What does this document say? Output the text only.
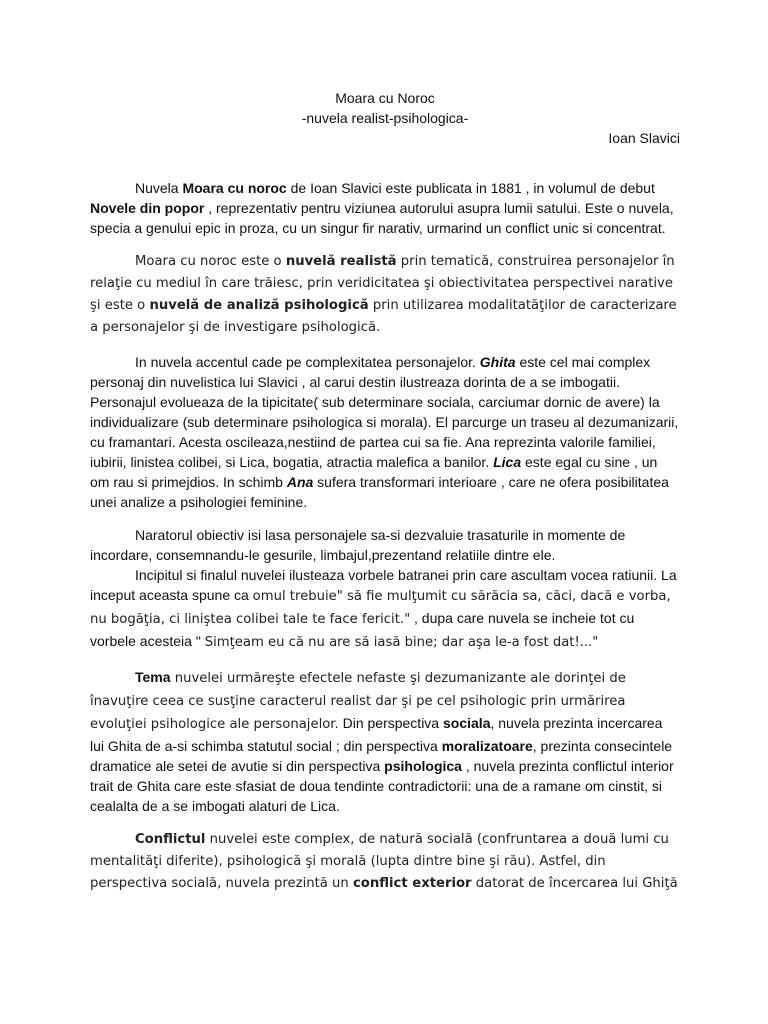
Moara cu Noroc

-nuvela realist-psihologica-

Ioan Slavici

Nuvela Moara cu noroc de Ioan Slavici este publicata in 1881 , in volumul de debut Novele din popor , reprezentativ pentru viziunea autorului asupra lumii satului. Este o nuvela, specia a genului epic in proza, cu un singur fir narativ, urmarind un conflict unic si concentrat.

Moara cu noroc este o nuvelă realistă prin tematică, construirea personajelor în relaţie cu mediul în care trăiesc, prin veridicitatea şi obiectivitatea perspectivei narative şi este o nuvelă de analiză psihologică prin utilizarea modalitatăţilor de caracterizare a personajelor şi de investigare psihologică.

In nuvela accentul cade pe complexitatea personajelor. Ghita este cel mai complex personaj din nuvelistica lui Slavici , al carui destin ilustreaza dorinta de a se imbogatii. Personajul evolueaza de la tipicitate( sub determinare sociala, carciumar dornic de avere) la individualizare (sub determinare psihologica si morala). El parcurge un traseu al dezumanizarii, cu framantari. Acesta oscileaza,nestiind de partea cui sa fie. Ana reprezinta valorile familiei, iubirii, linistea colibei, si Lica, bogatia, atractia malefica a banilor. Lica este egal cu sine , un om rau si primejdios. In schimb Ana sufera transformari interioare , care ne ofera posibilitatea unei analize a psihologiei feminine.

Naratorul obiectiv isi lasa personajele sa-si dezvaluie trasaturile in momente de incordare, consemnandu-le gesurile, limbajul,prezentand relatiile dintre ele.

Incipitul si finalul nuvelei ilusteaza vorbele batranei prin care ascultam vocea ratiunii. La inceput aceasta spune ca omul trebuie" să fie mulţumit cu sărăcia sa, căci, dacă e vorba, nu bogăţia, ci liniştea colibei tale te face fericit." , dupa care nuvela se incheie tot cu vorbele acesteia " Simţeam eu că nu are să iasă bine; dar aşa le-a fost dat!..."

Tema nuvelei urmăreşte efectele nefaste şi dezumanizante ale dorinţei de înavuţire ceea ce susţine caracterul realist dar şi pe cel psihologic prin urmărirea evoluţiei psihologice ale personajelor. Din perspectiva sociala, nuvela prezinta incercarea lui Ghita de a-si schimba statutul social ; din perspectiva moralizatoare, prezinta consecintele dramatice ale setei de avutie si din perspectiva psihologica , nuvela prezinta conflictul interior trait de Ghita care este sfasiat de doua tendinte contradictorii: una de a ramane om cinstit, si cealalta de a se imbogati alaturi de Lica.

Conflictul nuvelei este complex, de natură socială (confruntarea a două lumi cu mentalităţi diferite), psihologică şi morală (lupta dintre bine şi rău). Astfel, din perspectiva socială, nuvela prezintă un conflict exterior datorat de încercarea lui Ghiţă
